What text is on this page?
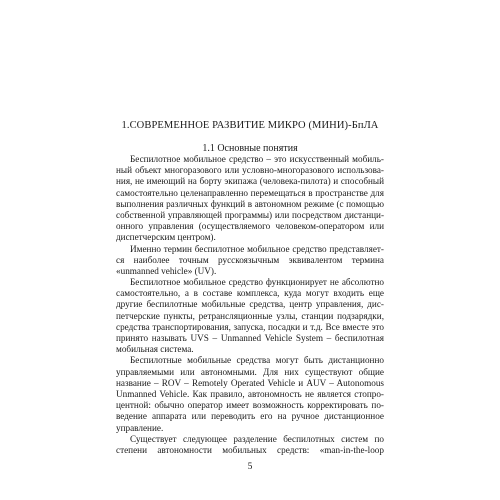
1.СОВРЕМЕННОЕ РАЗВИТИЕ МИКРО (МИНИ)-БпЛА
1.1 Основные понятия
Беспилотное мобильное средство – это искусственный мобиль-
ный объект многоразового или условно-многоразового использова-
ния, не имеющий на борту экипажа (человека-пилота) и способный
самостоятельно целенаправленно перемещаться в пространстве для
выполнения различных функций в автономном режиме (с помощью
собственной управляющей программы) или посредством дистанци-
онного управления (осуществляемого человеком-оператором или
диспетчерским центром).
Именно термин беспилотное мобильное средство представляет-
ся наиболее точным русскоязычным эквивалентом термина
«unmanned vehicle» (UV).
Беспилотное мобильное средство функционирует не абсолютно
самостоятельно, а в составе комплекса, куда могут входить еще
другие беспилотные мобильные средства, центр управления, дис-
петчерские пункты, ретрансляционные узлы, станции подзарядки,
средства транспортирования, запуска, посадки и т.д. Все вместе это
принято называть UVS – Unmanned Vehicle System – беспилотная
мобильная система.
Беспилотные мобильные средства могут быть дистанционно
управляемыми или автономными. Для них существуют общие
название – ROV – Remotely Operated Vehicle и AUV – Autonomous
Unmanned Vehicle. Как правило, автономность не является стопро-
центной: обычно оператор имеет возможность корректировать по-
ведение аппарата или переводить его на ручное дистанционное
управление.
Существует следующее разделение беспилотных систем по
степени автономности мобильных средств: «man-in-the-loop
5
